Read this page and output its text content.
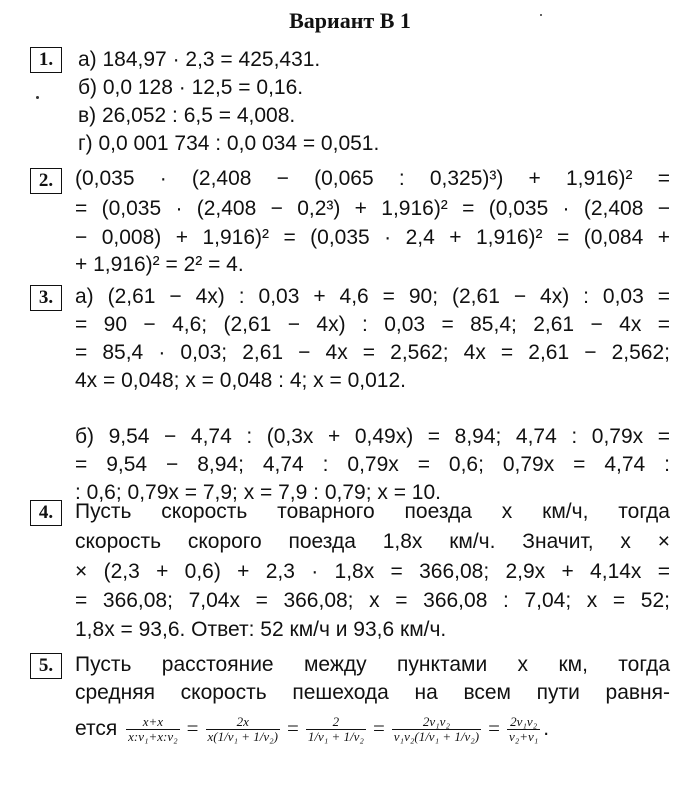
Вариант В 1
1.	а) 184,97 · 2,3 = 425,431.
б) 0,0 128 · 12,5 = 0,16.
в) 26,052 : 6,5 = 4,008.
г) 0,0 001 734 : 0,0 034 = 0,051.
2.	(0,035 · (2,408 − (0,065 : 0,325)³) + 1,916)² =
= (0,035 · (2,408 − 0,2³) + 1,916)² = (0,035 · (2,408 −
− 0,008) + 1,916)² = (0,035 · 2,4 + 1,916)² = (0,084 +
+ 1,916)² = 2² = 4.
3.	а) (2,61 − 4x) : 0,03 + 4,6 = 90; (2,61 − 4x) : 0,03 =
= 90 − 4,6; (2,61 − 4x) : 0,03 = 85,4; 2,61 − 4x =
= 85,4 · 0,03; 2,61 − 4x = 2,562; 4x = 2,61 − 2,562;
4x = 0,048; x = 0,048 : 4; x = 0,012.
б) 9,54 − 4,74 : (0,3x + 0,49x) = 8,94; 4,74 : 0,79x =
= 9,54 − 8,94; 4,74 : 0,79x = 0,6; 0,79x = 4,74 :
: 0,6; 0,79x = 7,9; x = 7,9 : 0,79; x = 10.
4.	Пусть скорость товарного поезда x км/ч, тогда
скорость скорого поезда 1,8x км/ч. Значит, x ×
× (2,3 + 0,6) + 2,3 · 1,8x = 366,08; 2,9x + 4,14x =
= 366,08; 7,04x = 366,08; x = 366,08 : 7,04; x = 52;
1,8x = 93,6. Ответ: 52 км/ч и 93,6 км/ч.
5.	Пусть расстояние между пунктами x км, тогда
средняя скорость пешехода на всем пути равня-
ется $\frac{x+x}{\text{x:v₁+x:v₂}} = \frac{2x}{\text{x(1/v₁ + 1/v₂)}} = \frac{2}{\text{1/v₁ + 1/v₂}} = \frac{\text{2v₁v₂}}{\text{v₁v₂(1/v₁ + 1/v₂)}} = \frac{\text{2v₁v₂}}{\text{v₂+v₁}}$ .
